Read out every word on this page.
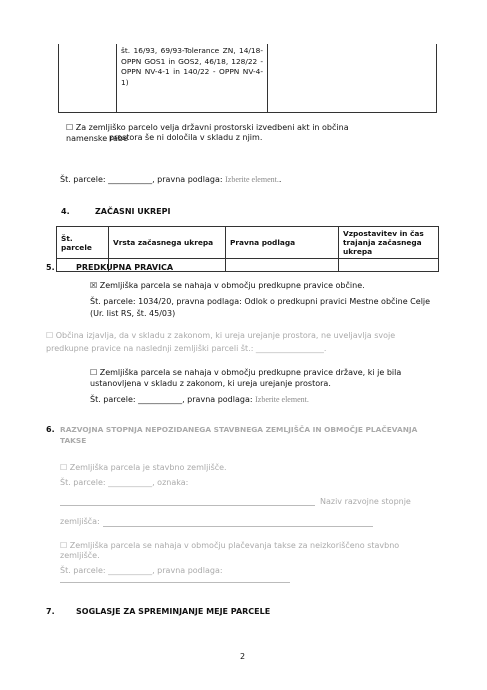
	št. 16/93, 69/93-Tolerance ZN, 14/18- OPPN GOS1 in GOS2, 46/18, 128/22 - OPPN NV-4-1 in 140/22 - OPPN NV-4-1)	
☐ Za zemljiško parcelo velja državni prostorski izvedbeni akt in občina namenske rabe
prostora še ni določila v skladu z njim.
Št. parcele: ___________, pravna podlaga: Izberite element..
4.	ZAČASNI UKREPI
Št. parcele	Vrsta začasnega ukrepa	Pravna podlaga	Vzpostavitev in čas trajanja začasnega ukrepa

5.	PREDKUPNA PRAVICA
☒ Zemljiška parcela se nahaja v območju predkupne pravice občine.
Št. parcele: 1034/20, pravna podlaga: Odlok o predkupni pravici Mestne občine Celje (Ur. list RS, št. 45/03)
☐ Občina izjavlja, da v skladu z zakonom, ki ureja urejanje prostora, ne uveljavlja svoje
predkupne pravice na naslednji zemljiški parceli št.: _________________.
☐ Zemljiška parcela se nahaja v območju predkupne pravice države, ki je bila
ustanovljena v skladu z zakonom, ki ureja urejanje prostora.
Št. parcele: ___________, pravna podlaga: Izberite element.
6. RAZVOJNA STOPNJA NEPOZIDANEGA STAVBNEGA ZEMLJIŠČA IN OBMOČJE PLAČEVANJA
TAKSE
☐ Zemljiška parcela je stavbno zemljišče.
Št. parcele: ___________, oznaka:
Naziv razvojne stopnje
zemljišča:
☐ Zemljiška parcela se nahaja v območju plačevanja takse za neizkoriščeno stavbno
zemljišče.
Št. parcele: ___________, pravna podlaga:
7.	SOGLASJE ZA SPREMINJANJE MEJE PARCELE
2
